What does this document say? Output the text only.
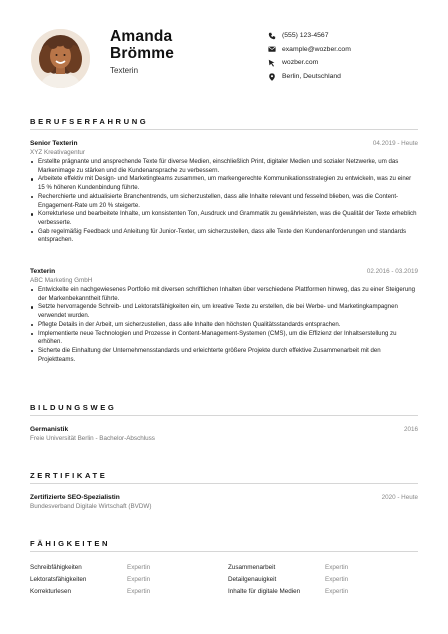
Amanda
Brömme
Texterin
(555) 123-4567
example@wozber.com
wozber.com
Berlin, Deutschland
BERUFSERFAHRUNG
Senior Texterin	04.2019 - Heute
XYZ Kreativagentur
Erstellte prägnante und ansprechende Texte für diverse Medien, einschließlich Print, digitaler Medien und sozialer Netzwerke, um das Markenimage zu stärken und die Kundenansprache zu verbessern.
Arbeitete effektiv mit Design- und Marketingteams zusammen, um markengerechte Kommunikationsstrategien zu entwickeln, was zu einer 15 % höheren Kundenbindung führte.
Recherchierte und aktualisierte Branchentrends, um sicherzustellen, dass alle Inhalte relevant und fesselnd blieben, was die Content-Engagement-Rate um 20 % steigerte.
Korrekturlese und bearbeitete Inhalte, um konsistenten Ton, Ausdruck und Grammatik zu gewährleisten, was die Qualität der Texte erheblich verbesserte.
Gab regelmäßig Feedback und Anleitung für Junior-Texter, um sicherzustellen, dass alle Texte den Kundenanforderungen und standards entsprachen.
Texterin	02.2016 - 03.2019
ABC Marketing GmbH
Entwickelte ein nachgewiesenes Portfolio mit diversen schriftlichen Inhalten über verschiedene Plattformen hinweg, das zu einer Steigerung der Markenbekanntheit führte.
Setzte hervorragende Schreib- und Lektoratsfähigkeiten ein, um kreative Texte zu erstellen, die bei Werbe- und Marketingkampagnen verwendet wurden.
Pflegte Details in der Arbeit, um sicherzustellen, dass alle Inhalte den höchsten Qualitätsstandards entsprachen.
Implementierte neue Technologien und Prozesse in Content-Management-Systemen (CMS), um die Effizienz der Inhaltserstellung zu erhöhen.
Sicherte die Einhaltung der Unternehmensstandards und erleichterte größere Projekte durch effektive Zusammenarbeit mit den Projektteams.
BILDUNGSWEG
Germanistik	2016
Freie Universität Berlin - Bachelor-Abschluss
ZERTIFIKATE
Zertifizierte SEO-Spezialistin	2020 - Heute
Bundesverband Digitale Wirtschaft (BVDW)
FÄHIGKEITEN
Schreibfähigkeiten	Expertin	Zusammenarbeit	Expertin
Lektoratsfähigkeiten	Expertin	Detailgenauigkeit	Expertin
Korrekturlesen	Expertin	Inhalte für digitale Medien	Expertin
